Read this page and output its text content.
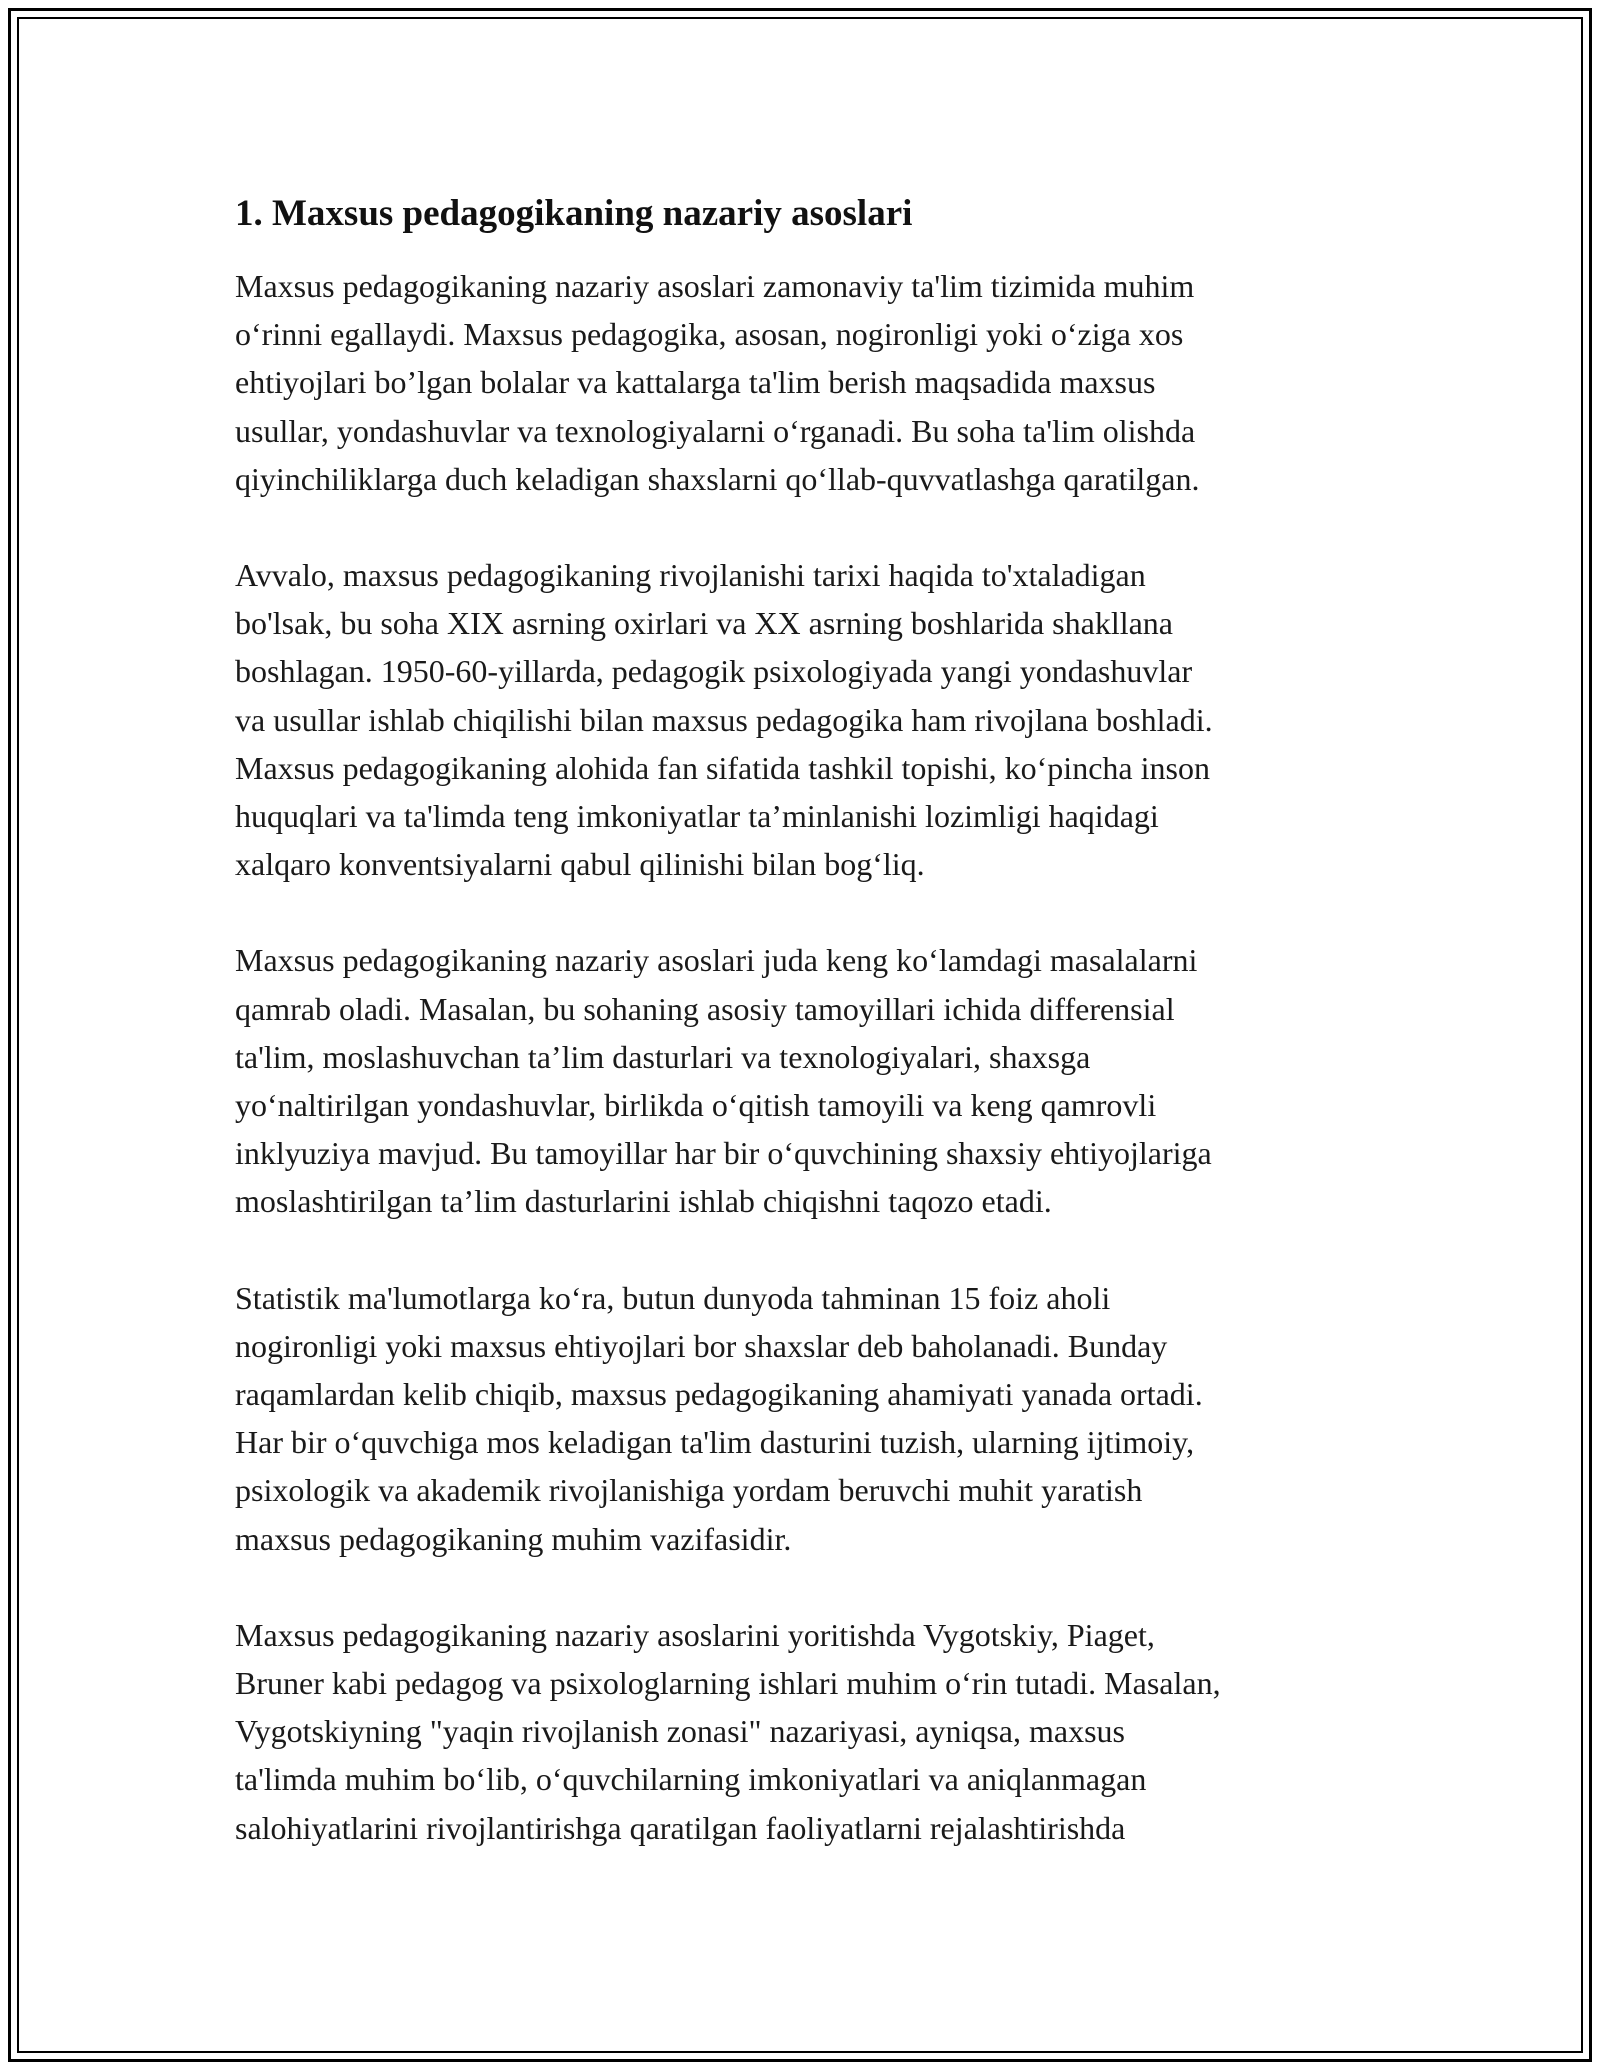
1. Maxsus pedagogikaning nazariy asoslari

Maxsus pedagogikaning nazariy asoslari zamonaviy ta'lim tizimida muhim
o‘rinni egallaydi. Maxsus pedagogika, asosan, nogironligi yoki o‘ziga xos
ehtiyojlari bo’lgan bolalar va kattalarga ta'lim berish maqsadida maxsus
usullar, yondashuvlar va texnologiyalarni o‘rganadi. Bu soha ta'lim olishda
qiyinchiliklarga duch keladigan shaxslarni qo‘llab-quvvatlashga qaratilgan.

Avvalo, maxsus pedagogikaning rivojlanishi tarixi haqida to'xtaladigan
bo'lsak, bu soha XIX asrning oxirlari va XX asrning boshlarida shakllana
boshlagan. 1950-60-yillarda, pedagogik psixologiyada yangi yondashuvlar
va usullar ishlab chiqilishi bilan maxsus pedagogika ham rivojlana boshladi.
Maxsus pedagogikaning alohida fan sifatida tashkil topishi, ko‘pincha inson
huquqlari va ta'limda teng imkoniyatlar ta’minlanishi lozimligi haqidagi
xalqaro konventsiyalarni qabul qilinishi bilan bog‘liq.

Maxsus pedagogikaning nazariy asoslari juda keng ko‘lamdagi masalalarni
qamrab oladi. Masalan, bu sohaning asosiy tamoyillari ichida differensial
ta'lim, moslashuvchan ta’lim dasturlari va texnologiyalari, shaxsga
yo‘naltirilgan yondashuvlar, birlikda o‘qitish tamoyili va keng qamrovli
inklyuziya mavjud. Bu tamoyillar har bir o‘quvchining shaxsiy ehtiyojlariga
moslashtirilgan ta’lim dasturlarini ishlab chiqishni taqozo etadi.

Statistik ma'lumotlarga ko‘ra, butun dunyoda tahminan 15 foiz aholi
nogironligi yoki maxsus ehtiyojlari bor shaxslar deb baholanadi. Bunday
raqamlardan kelib chiqib, maxsus pedagogikaning ahamiyati yanada ortadi.
Har bir o‘quvchiga mos keladigan ta'lim dasturini tuzish, ularning ijtimoiy,
psixologik va akademik rivojlanishiga yordam beruvchi muhit yaratish
maxsus pedagogikaning muhim vazifasidir.

Maxsus pedagogikaning nazariy asoslarini yoritishda Vygotskiy, Piaget,
Bruner kabi pedagog va psixologlarning ishlari muhim o‘rin tutadi. Masalan,
Vygotskiyning "yaqin rivojlanish zonasi" nazariyasi, ayniqsa, maxsus
ta'limda muhim bo‘lib, o‘quvchilarning imkoniyatlari va aniqlanmagan
salohiyatlarini rivojlantirishga qaratilgan faoliyatlarni rejalashtirishda
